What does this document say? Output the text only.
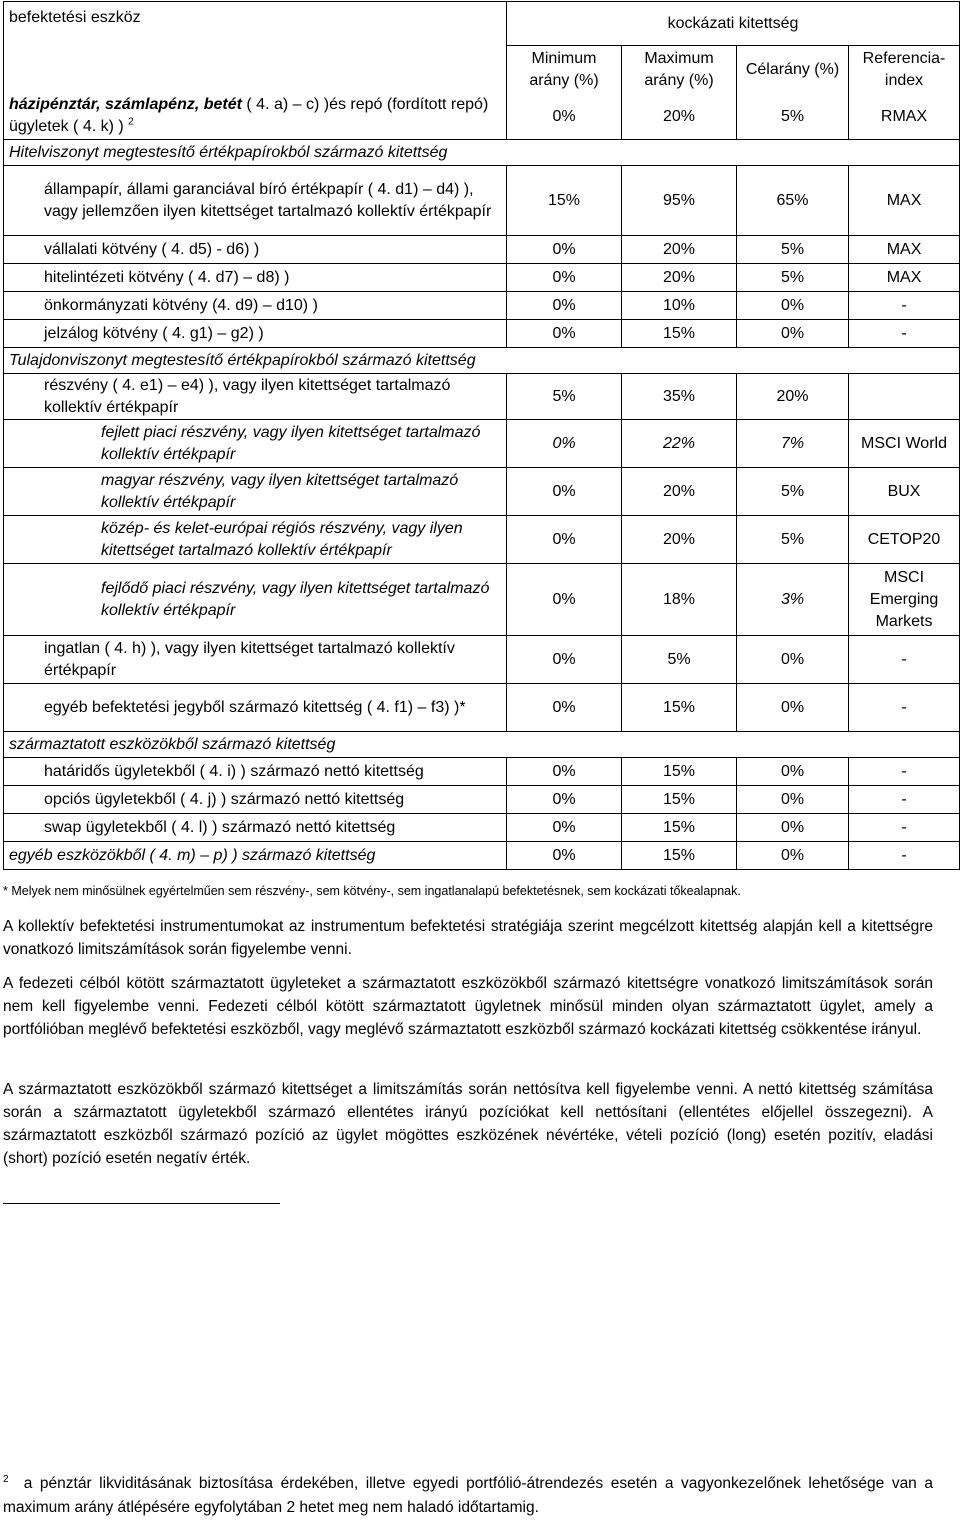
befektetési eszköz	kockázati kitettség			
	Minimum arány (%)	Maximum arány (%)	Célarány (%)	Referencia-index
házipénztár, számlapénz, betét ( 4. a) – c) )és repó (fordított repó) ügyletek ( 4. k) ) $^2$	0%	20%	5%	RMAX
Hitelviszonyt megtestesítő értékpapírokból származó kitettség				
állampapír, állami garanciával bíró értékpapír ( 4. d1) – d4) ), vagy jellemzően ilyen kitettséget tartalmazó kollektív értékpapír	15%	95%	65%	MAX
vállalati kötvény ( 4. d5) - d6) )	0%	20%	5%	MAX
hitelintézeti kötvény ( 4. d7) – d8) )	0%	20%	5%	MAX
önkormányzati kötvény (4. d9) – d10) )	0%	10%	0%	-
jelzálog kötvény ( 4. g1) – g2) )	0%	15%	0%	-
Tulajdonviszonyt megtestesítő értékpapírokból származó kitettség				
részvény ( 4. e1) – e4) ), vagy ilyen kitettséget tartalmazó kollektív értékpapír	5%	35%	20%	
fejlett piaci részvény, vagy ilyen kitettséget tartalmazó kollektív értékpapír	0%	22%	7%	MSCI World
magyar részvény, vagy ilyen kitettséget tartalmazó kollektív értékpapír	0%	20%	5%	BUX
közép- és kelet-európai régiós részvény, vagy ilyen kitettséget tartalmazó kollektív értékpapír	0%	20%	5%	CETOP20
fejlődő piaci részvény, vagy ilyen kitettséget tartalmazó kollektív értékpapír	0%	18%	3%	MSCI Emerging Markets
ingatlan ( 4. h) ), vagy ilyen kitettséget tartalmazó kollektív értékpapír	0%	5%	0%	-
egyéb befektetési jegyből származó kitettség ( 4. f1) – f3) )*	0%	15%	0%	-
származtatott eszközökből származó kitettség				
határidős ügyletekből ( 4. i) ) származó nettó kitettség	0%	15%	0%	-
opciós ügyletekből ( 4. j) ) származó nettó kitettség	0%	15%	0%	-
swap ügyletekből ( 4. l) ) származó nettó kitettség	0%	15%	0%	-
egyéb eszközökből ( 4. m) – p) ) származó kitettség	0%	15%	0%	-
* Melyek nem minősülnek egyértelműen sem részvény-, sem kötvény-, sem ingatlanalapú befektetésnek, sem kockázati tőkealapnak.

A kollektív befektetési instrumentumokat az instrumentum befektetési stratégiája szerint megcélzott kitettség alapján kell a kitettségre vonatkozó limitszámítások során figyelembe venni.

A fedezeti célból kötött származtatott ügyleteket a származtatott eszközökből származó kitettségre vonatkozó limitszámítások során nem kell figyelembe venni. Fedezeti célból kötött származtatott ügyletnek minősül minden olyan származtatott ügylet, amely a portfólióban meglévő befektetési eszközből, vagy meglévő származtatott eszközből származó kockázati kitettség csökkentése irányul.

A származtatott eszközökből származó kitettséget a limitszámítás során nettósítva kell figyelembe venni. A nettó kitettség számítása során a származtatott ügyletekből származó ellentétes irányú pozíciókat kell nettósítani (ellentétes előjellel összegezni). A származtatott eszközből származó pozíció az ügylet mögöttes eszközének névértéke, vételi pozíció (long) esetén pozitív, eladási (short) pozíció esetén negatív érték.

$^2$ a pénztár likviditásának biztosítása érdekében, illetve egyedi portfólió-átrendezés esetén a vagyonkezelőnek lehetősége van a maximum arány átlépésére egyfolytában 2 hetet meg nem haladó időtartamig.
